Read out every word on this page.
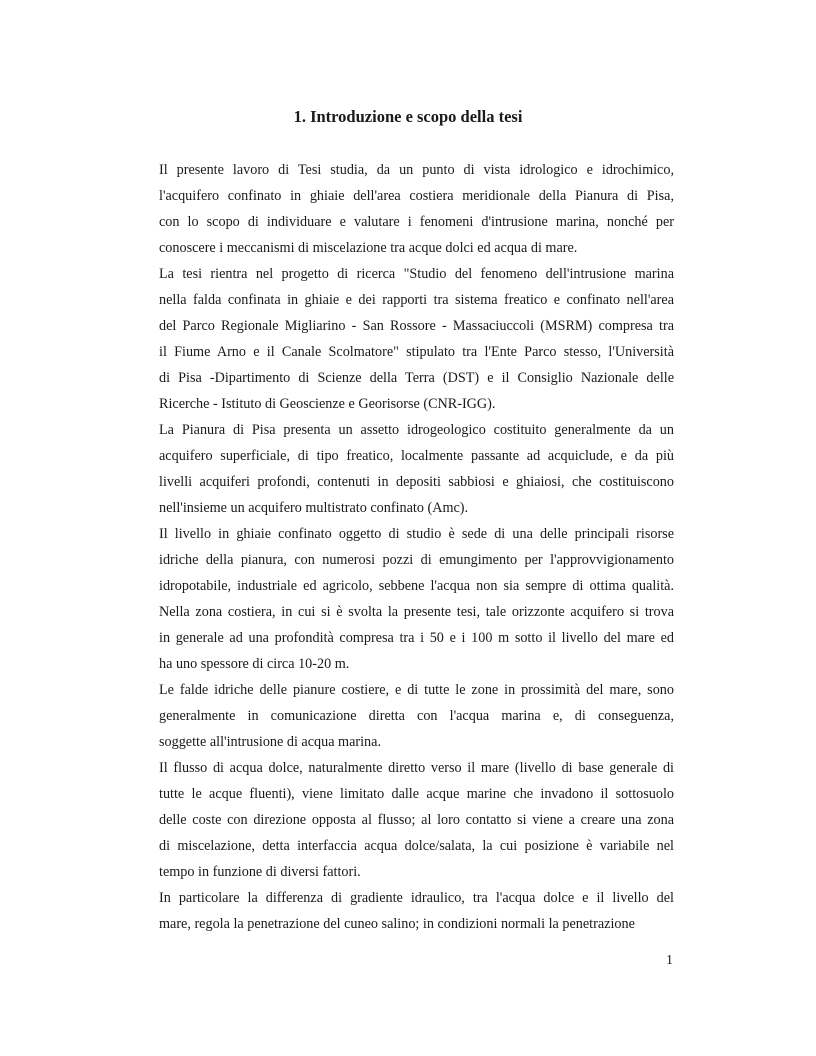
1. Introduzione e scopo della tesi

Il presente lavoro di Tesi studia, da un punto di vista idrologico e idrochimico,
l'acquifero confinato in ghiaie dell'area costiera meridionale della Pianura di Pisa,
con lo scopo di individuare e valutare i fenomeni d'intrusione marina, nonché per
conoscere i meccanismi di miscelazione tra acque dolci ed acqua di mare.

La tesi rientra nel progetto di ricerca "Studio del fenomeno dell'intrusione marina
nella falda confinata in ghiaie e dei rapporti tra sistema freatico e confinato nell'area
del Parco Regionale Migliarino - San Rossore - Massaciuccoli (MSRM) compresa tra
il Fiume Arno e il Canale Scolmatore" stipulato tra l'Ente Parco stesso, l'Università
di Pisa -Dipartimento di Scienze della Terra (DST) e il Consiglio Nazionale delle
Ricerche - Istituto di Geoscienze e Georisorse (CNR-IGG).

La Pianura di Pisa presenta un assetto idrogeologico costituito generalmente da un
acquifero superficiale, di tipo freatico, localmente passante ad acquiclude, e da più
livelli acquiferi profondi, contenuti in depositi sabbiosi e ghiaiosi, che costituiscono
nell'insieme un acquifero multistrato confinato (Amc).

Il livello in ghiaie confinato oggetto di studio è sede di una delle principali risorse
idriche della pianura, con numerosi pozzi di emungimento per l'approvvigionamento
idropotabile, industriale ed agricolo, sebbene l'acqua non sia sempre di ottima qualità.
Nella zona costiera, in cui si è svolta la presente tesi, tale orizzonte acquifero si trova
in generale ad una profondità compresa tra i 50 e i 100 m sotto il livello del mare ed
ha uno spessore di circa 10-20 m.

Le falde idriche delle pianure costiere, e di tutte le zone in prossimità del mare, sono
generalmente in comunicazione diretta con l'acqua marina e, di conseguenza,
soggette all'intrusione di acqua marina.

Il flusso di acqua dolce, naturalmente diretto verso il mare (livello di base generale di
tutte le acque fluenti), viene limitato dalle acque marine che invadono il sottosuolo
delle coste con direzione opposta al flusso; al loro contatto si viene a creare una zona
di miscelazione, detta interfaccia acqua dolce/salata, la cui posizione è variabile nel
tempo in funzione di diversi fattori.

In particolare la differenza di gradiente idraulico, tra l'acqua dolce e il livello del
mare, regola la penetrazione del cuneo salino; in condizioni normali la penetrazione

1
